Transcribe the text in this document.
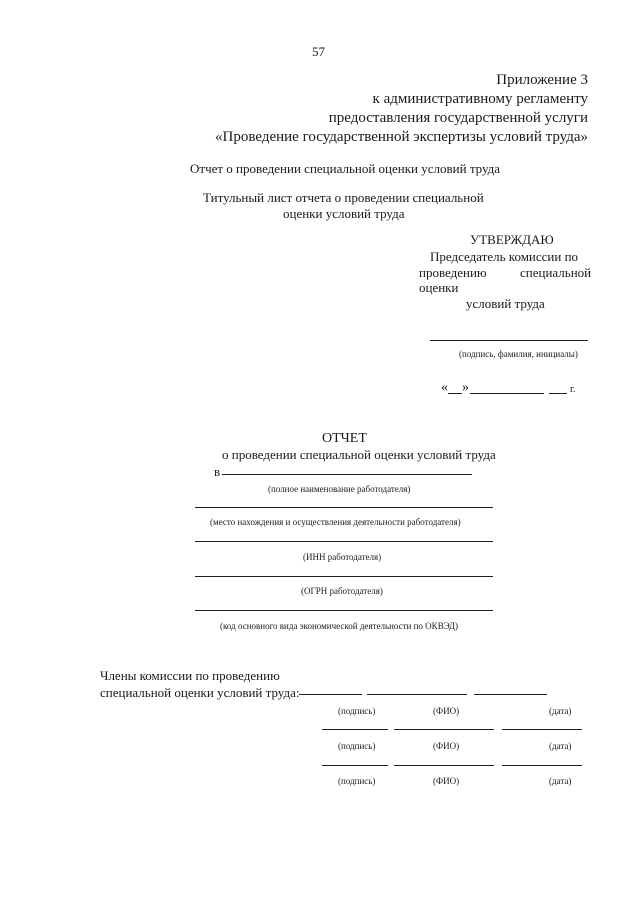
57
Приложение 3
к административному регламенту
предоставления государственной услуги
«Проведение государственной экспертизы условий труда»
Отчет о проведении специальной оценки условий труда
Титульный лист отчета о проведении специальной
оценки условий труда
УТВЕРЖДАЮ
Председатель комиссии по
проведению	специальной
оценки
условий труда
(подпись, фамилия, инициалы)
« »	г.
ОТЧЕТ
о проведении специальной оценки условий труда
в
(полное наименование работодателя)
(место нахождения и осуществления деятельности работодателя)
(ИНН работодателя)
(ОГРН работодателя)
(код основного вида экономической деятельности по ОКВЭД)
Члены комиссии по проведению
специальной оценки условий труда:
(подпись)	(ФИО)	(дата)
(подпись)	(ФИО)	(дата)
(подпись)	(ФИО)	(дата)
